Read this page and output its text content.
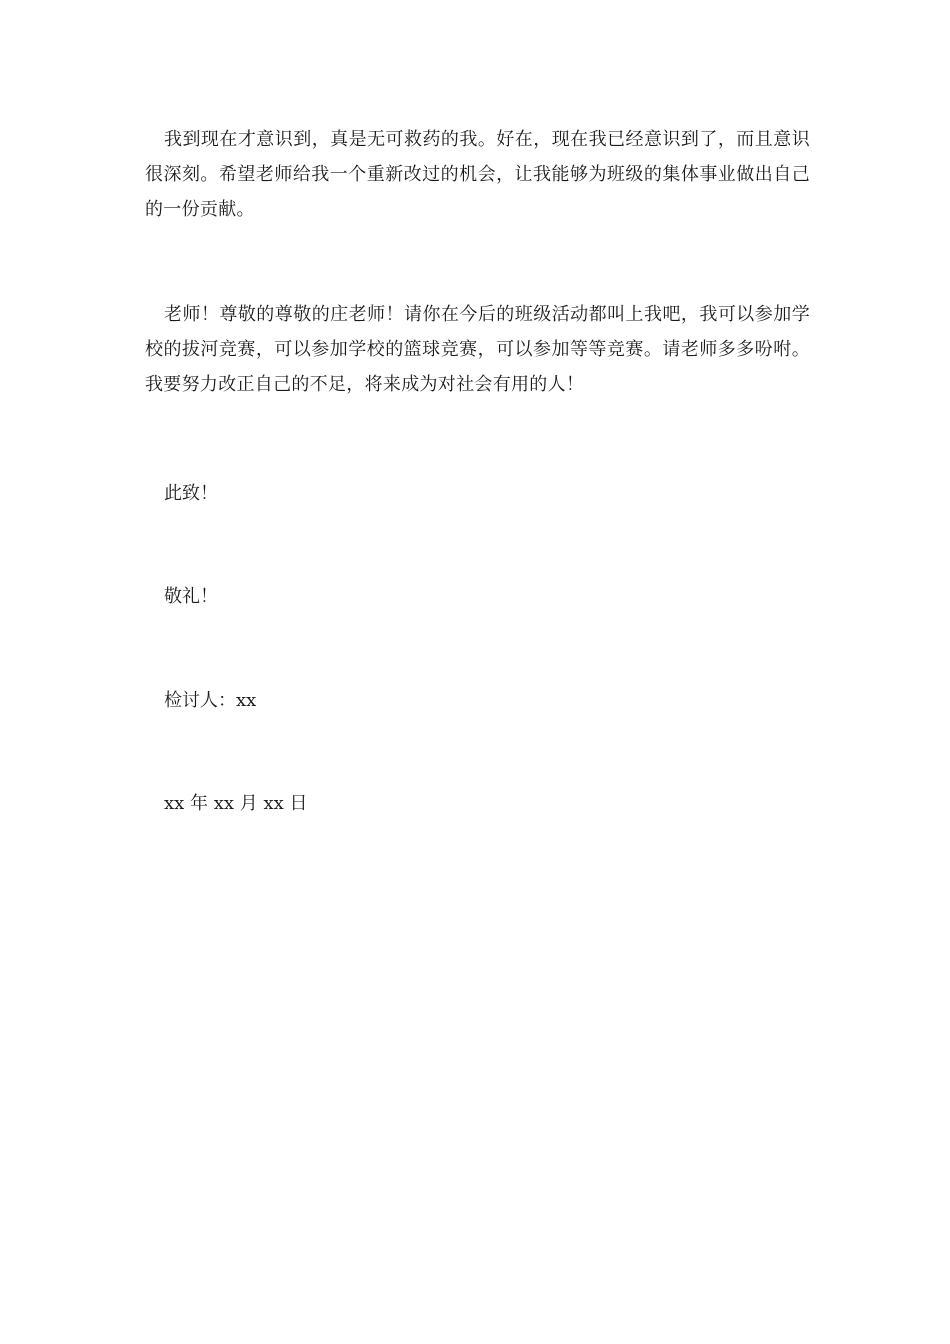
我到现在才意识到，真是无可救药的我。好在，现在我已经意识到了，而且意识很深刻。希望老师给我一个重新改过的机会，让我能够为班级的集体事业做出自己的一份贡献。

老师！尊敬的尊敬的庄老师！请你在今后的班级活动都叫上我吧，我可以参加学校的拔河竞赛，可以参加学校的篮球竞赛，可以参加等等竞赛。请老师多多吩咐。我要努力改正自己的不足，将来成为对社会有用的人！

此致！

敬礼！

检讨人：xx

xx 年 xx 月 xx 日
